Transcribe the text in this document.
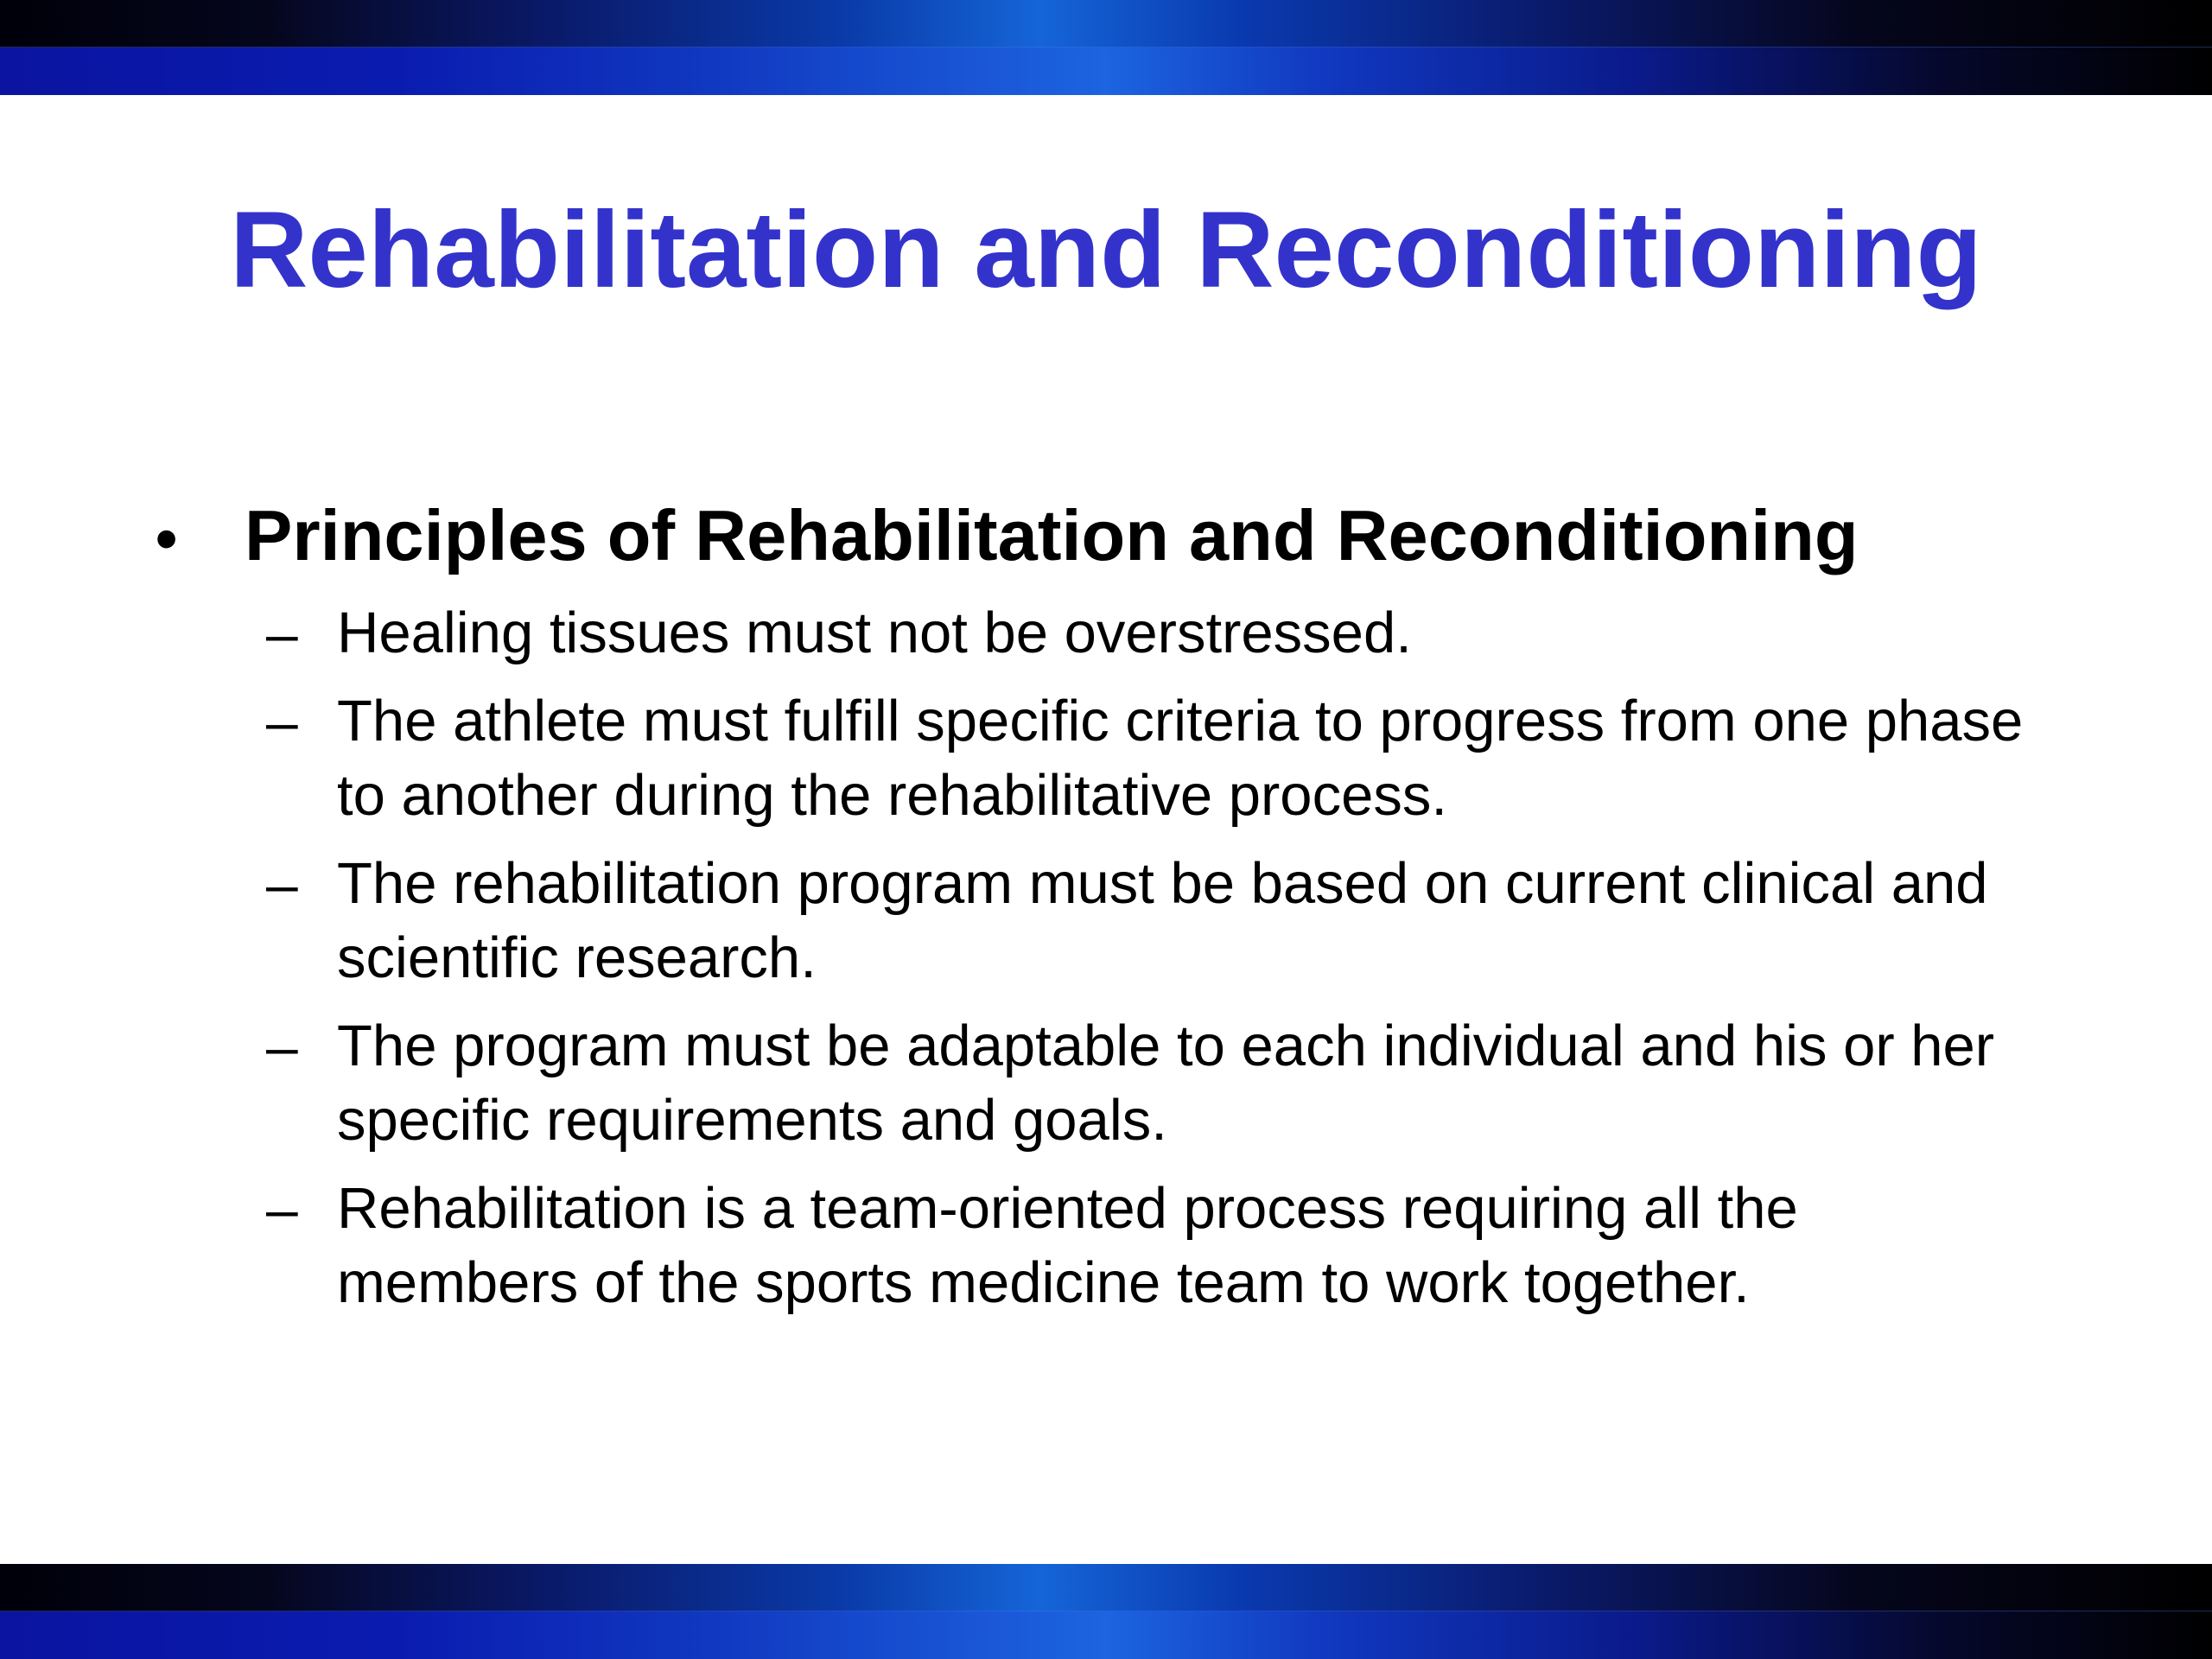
Rehabilitation and Reconditioning
• Principles of Rehabilitation and Reconditioning
– Healing tissues must not be overstressed.
– The athlete must fulfill specific criteria to progress from one phase to another during the rehabilitative process.
– The rehabilitation program must be based on current clinical and scientific research.
– The program must be adaptable to each individual and his or her specific requirements and goals.
– Rehabilitation is a team-oriented process requiring all the members of the sports medicine team to work together.
